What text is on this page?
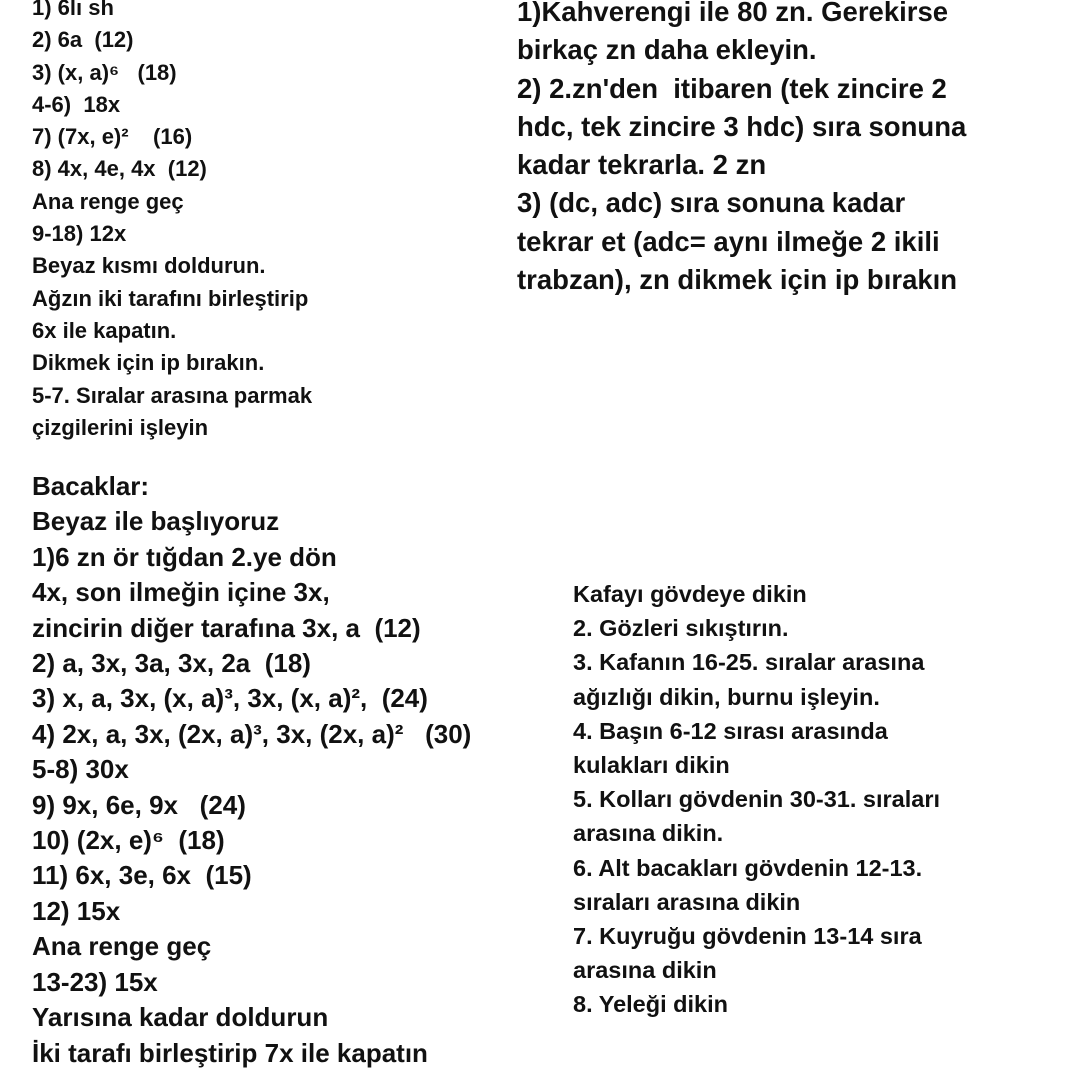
1) 6lı sh
2) 6a  (12)
3) (x, a)⁶   (18)
4-6)  18x
7) (7x, e)²    (16)
8) 4x, 4e, 4x  (12)
Ana renge geç
9-18) 12x
Beyaz kısmı doldurun.
Ağzın iki tarafını birleştirip
6x ile kapatın.
Dikmek için ip bırakın.
5-7. Sıralar arasına parmak
çizgilerini işleyin
1)Kahverengi ile 80 zn. Gerekirse
birkaç zn daha ekleyin.
2) 2.zn'den  itibaren (tek zincire 2
hdc, tek zincire 3 hdc) sıra sonuna
kadar tekrarla. 2 zn
3) (dc, adc) sıra sonuna kadar
tekrar et (adc= aynı ilmeğe 2 ikili
trabzan), zn dikmek için ip bırakın
Bacaklar:
Beyaz ile başlıyoruz
1)6 zn ör tığdan 2.ye dön
4x, son ilmeğin içine 3x,
zincirin diğer tarafına 3x, a  (12)
2) a, 3x, 3a, 3x, 2a  (18)
3) x, a, 3x, (x, a)³, 3x, (x, a)²,  (24)
4) 2x, a, 3x, (2x, a)³, 3x, (2x, a)²   (30)
5-8) 30x
9) 9x, 6e, 9x   (24)
10) (2x, e)⁶  (18)
11) 6x, 3e, 6x  (15)
12) 15x
Ana renge geç
13-23) 15x
Yarısına kadar doldurun
İki tarafı birleştirip 7x ile kapatın
Kafayı gövdeye dikin
2. Gözleri sıkıştırın.
3. Kafanın 16-25. sıralar arasına
ağızlığı dikin, burnu işleyin.
4. Başın 6-12 sırası arasında
kulakları dikin
5. Kolları gövdenin 30-31. sıraları
arasına dikin.
6. Alt bacakları gövdenin 12-13.
sıraları arasına dikin
7. Kuyruğu gövdenin 13-14 sıra
arasına dikin
8. Yeleği dikin
